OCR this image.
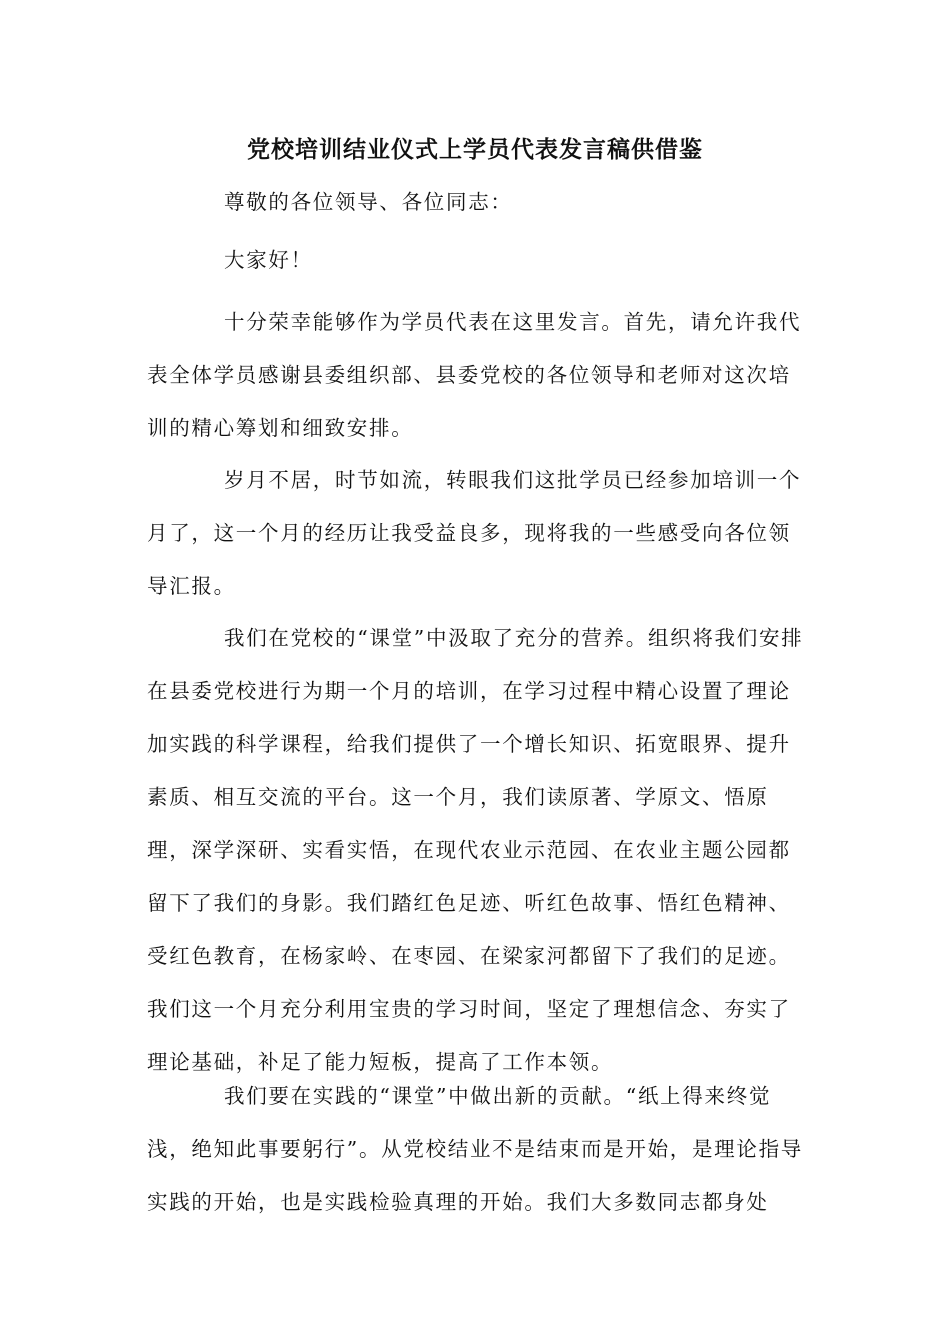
党校培训结业仪式上学员代表发言稿供借鉴

尊敬的各位领导、各位同志：

大家好！

十分荣幸能够作为学员代表在这里发言。首先，请允许我代表全体学员感谢县委组织部、县委党校的各位领导和老师对这次培训的精心筹划和细致安排。

岁月不居，时节如流，转眼我们这批学员已经参加培训一个月了，这一个月的经历让我受益良多，现将我的一些感受向各位领导汇报。

我们在党校的“课堂”中汲取了充分的营养。组织将我们安排在县委党校进行为期一个月的培训，在学习过程中精心设置了理论加实践的科学课程，给我们提供了一个增长知识、拓宽眼界、提升素质、相互交流的平台。这一个月，我们读原著、学原文、悟原理，深学深研、实看实悟，在现代农业示范园、在农业主题公园都留下了我们的身影。我们踏红色足迹、听红色故事、悟红色精神、受红色教育，在杨家岭、在枣园、在梁家河都留下了我们的足迹。我们这一个月充分利用宝贵的学习时间，坚定了理想信念、夯实了理论基础，补足了能力短板，提高了工作本领。

我们要在实践的“课堂”中做出新的贡献。“纸上得来终觉浅，绝知此事要躬行”。从党校结业不是结束而是开始，是理论指导实践的开始，也是实践检验真理的开始。我们大多数同志都身处
